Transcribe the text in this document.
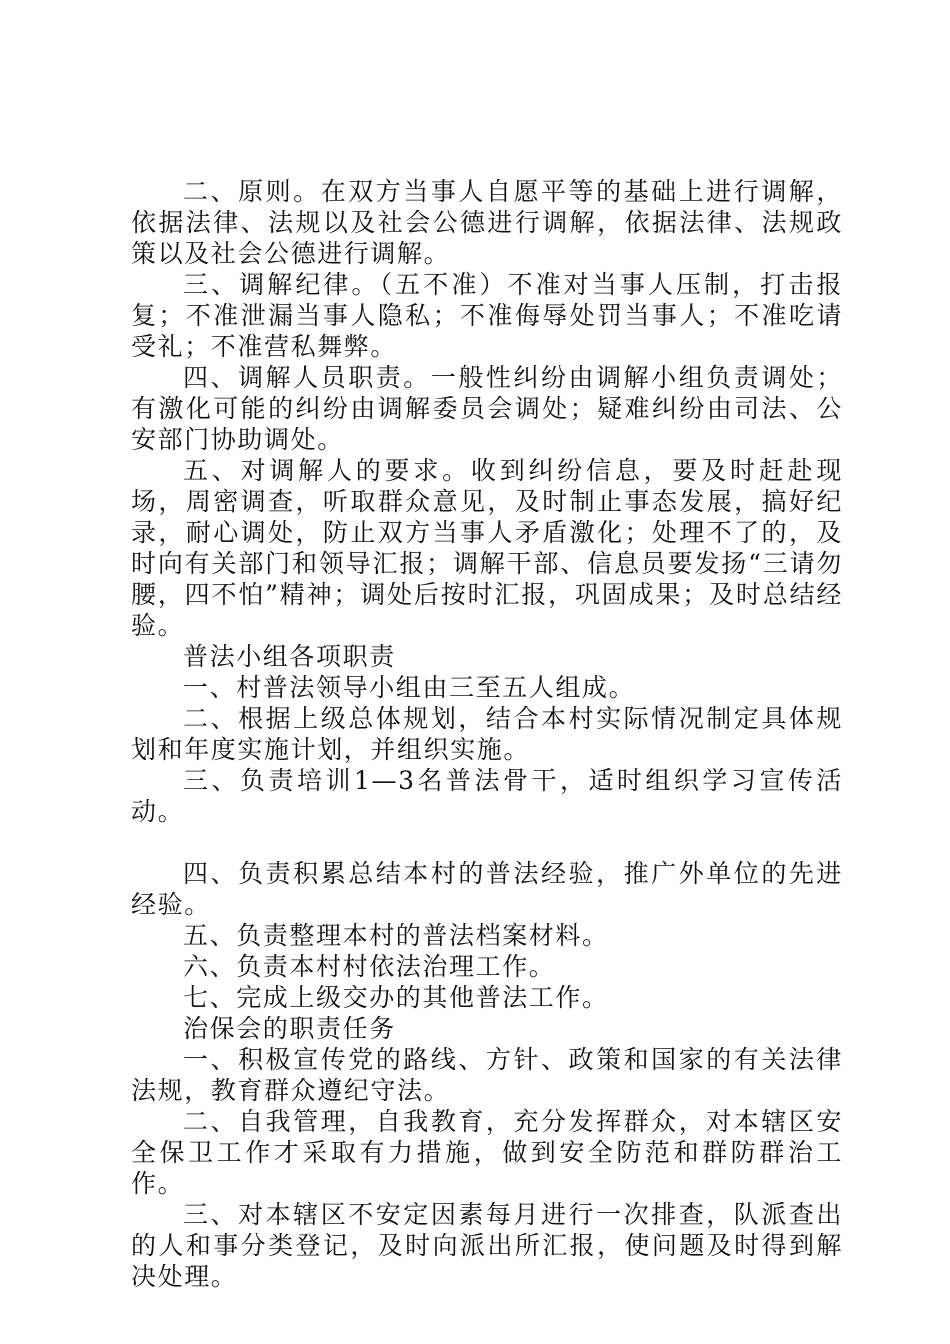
二、原则。在双方当事人自愿平等的基础上进行调解，依据法律、法规以及社会公德进行调解，依据法律、法规政策以及社会公德进行调解。

三、调解纪律。（五不准）不准对当事人压制，打击报复；不准泄漏当事人隐私；不准侮辱处罚当事人；不准吃请受礼；不准营私舞弊。

四、调解人员职责。一般性纠纷由调解小组负责调处；有激化可能的纠纷由调解委员会调处；疑难纠纷由司法、公安部门协助调处。

五、对调解人的要求。收到纠纷信息，要及时赶赴现场，周密调查，听取群众意见，及时制止事态发展，搞好纪录，耐心调处，防止双方当事人矛盾激化；处理不了的，及时向有关部门和领导汇报；调解干部、信息员要发扬“三请勿腰，四不怕”精神；调处后按时汇报，巩固成果；及时总结经验。

普法小组各项职责

一、村普法领导小组由三至五人组成。

二、根据上级总体规划，结合本村实际情况制定具体规划和年度实施计划，并组织实施。

三、负责培训1—3名普法骨干，适时组织学习宣传活动。

四、负责积累总结本村的普法经验，推广外单位的先进经验。

五、负责整理本村的普法档案材料。

六、负责本村村依法治理工作。

七、完成上级交办的其他普法工作。

治保会的职责任务

一、积极宣传党的路线、方针、政策和国家的有关法律法规，教育群众遵纪守法。

二、自我管理，自我教育，充分发挥群众，对本辖区安全保卫工作才采取有力措施，做到安全防范和群防群治工作。

三、对本辖区不安定因素每月进行一次排查，队派查出的人和事分类登记，及时向派出所汇报，使问题及时得到解决处理。
